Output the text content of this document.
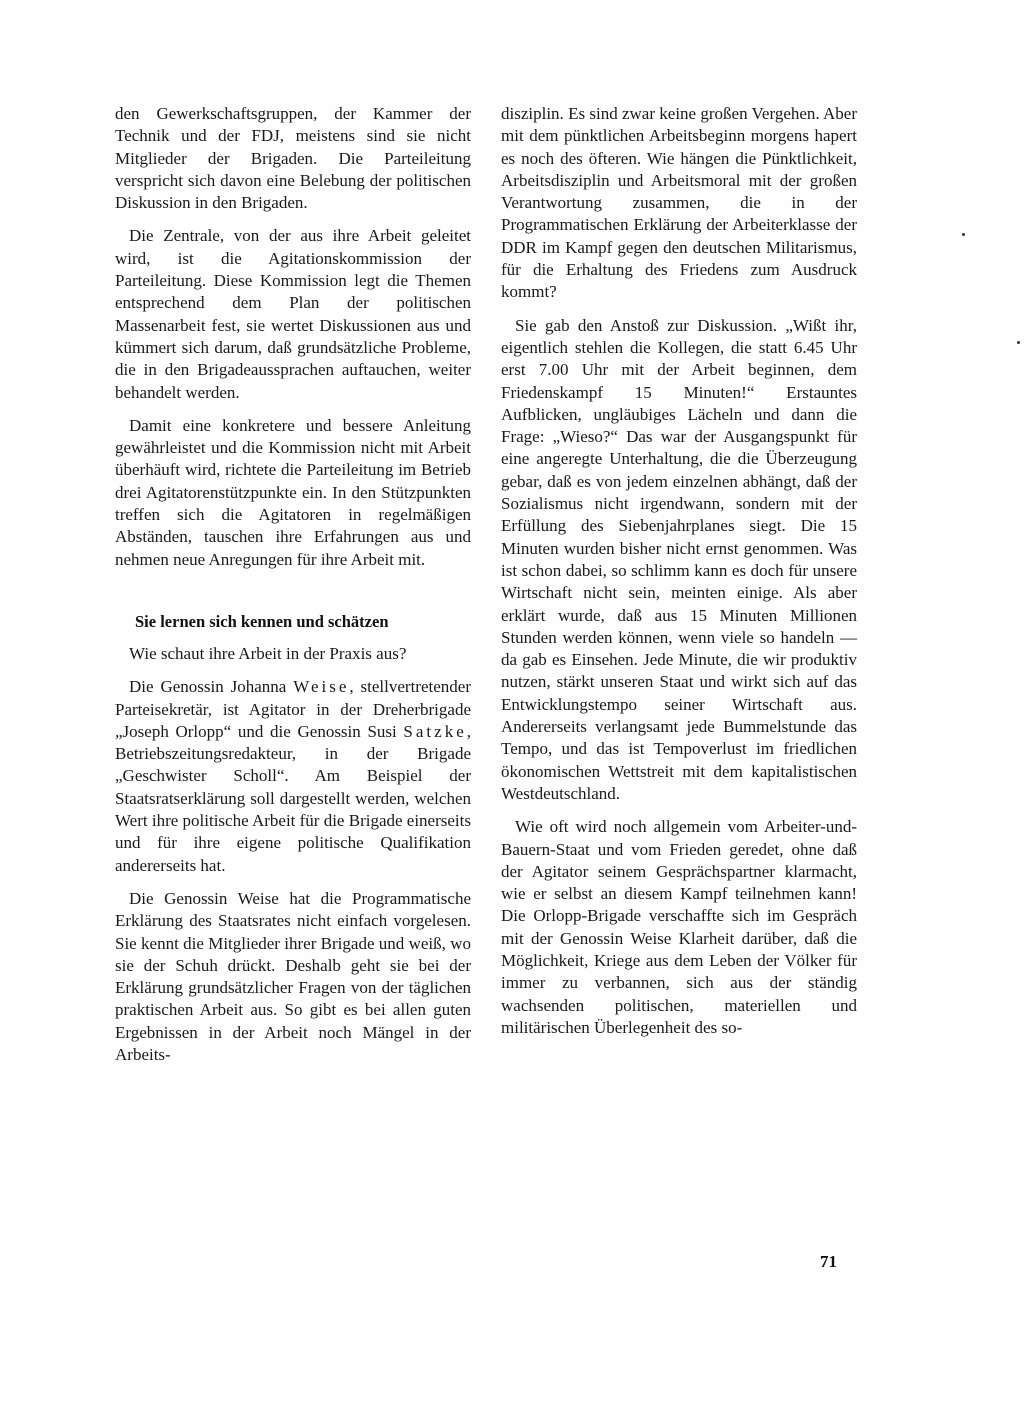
den Gewerkschaftsgruppen, der Kammer der Technik und der FDJ, meistens sind sie nicht Mitglieder der Brigaden. Die Parteileitung verspricht sich davon eine Belebung der politischen Diskussion in den Brigaden.

Die Zentrale, von der aus ihre Arbeit geleitet wird, ist die Agitationskommission der Parteileitung. Diese Kommission legt die Themen entsprechend dem Plan der politischen Massenarbeit fest, sie wertet Diskussionen aus und kümmert sich darum, daß grundsätzliche Probleme, die in den Brigadeaussprachen auftauchen, weiter behandelt werden.

Damit eine konkretere und bessere Anleitung gewährleistet und die Kommission nicht mit Arbeit überhäuft wird, richtete die Parteileitung im Betrieb drei Agitatorenstützpunkte ein. In den Stützpunkten treffen sich die Agitatoren in regelmäßigen Abständen, tauschen ihre Erfahrungen aus und nehmen neue Anregungen für ihre Arbeit mit.

Sie lernen sich kennen und schätzen

Wie schaut ihre Arbeit in der Praxis aus?

Die Genossin Johanna Weise, stellvertretender Parteisekretär, ist Agitator in der Dreherbrigade „Joseph Orlopp“ und die Genossin Susi Satzke, Betriebszeitungsredakteur, in der Brigade „Geschwister Scholl“. Am Beispiel der Staatsratserklärung soll dargestellt werden, welchen Wert ihre politische Arbeit für die Brigade einerseits und für ihre eigene politische Qualifikation andererseits hat.

Die Genossin Weise hat die Programmatische Erklärung des Staatsrates nicht einfach vorgelesen. Sie kennt die Mitglieder ihrer Brigade und weiß, wo sie der Schuh drückt. Deshalb geht sie bei der Erklärung grundsätzlicher Fragen von der täglichen praktischen Arbeit aus. So gibt es bei allen guten Ergebnissen in der Arbeit noch Mängel in der Arbeits-

disziplin. Es sind zwar keine großen Vergehen. Aber mit dem pünktlichen Arbeitsbeginn morgens hapert es noch des öfteren. Wie hängen die Pünktlichkeit, Arbeitsdisziplin und Arbeitsmoral mit der großen Verantwortung zusammen, die in der Programmatischen Erklärung der Arbeiterklasse der DDR im Kampf gegen den deutschen Militarismus, für die Erhaltung des Friedens zum Ausdruck kommt?

Sie gab den Anstoß zur Diskussion. „Wißt ihr, eigentlich stehlen die Kollegen, die statt 6.45 Uhr erst 7.00 Uhr mit der Arbeit beginnen, dem Friedenskampf 15 Minuten!“ Erstauntes Aufblicken, ungläubiges Lächeln und dann die Frage: „Wieso?“ Das war der Ausgangspunkt für eine angeregte Unterhaltung, die die Überzeugung gebar, daß es von jedem einzelnen abhängt, daß der Sozialismus nicht irgendwann, sondern mit der Erfüllung des Siebenjahrplanes siegt. Die 15 Minuten wurden bisher nicht ernst genommen. Was ist schon dabei, so schlimm kann es doch für unsere Wirtschaft nicht sein, meinten einige. Als aber erklärt wurde, daß aus 15 Minuten Millionen Stunden werden können, wenn viele so handeln — da gab es Einsehen. Jede Minute, die wir produktiv nutzen, stärkt unseren Staat und wirkt sich auf das Entwicklungstempo seiner Wirtschaft aus. Andererseits verlangsamt jede Bummelstunde das Tempo, und das ist Tempoverlust im friedlichen ökonomischen Wettstreit mit dem kapitalistischen Westdeutschland.

Wie oft wird noch allgemein vom Arbeiter-und-Bauern-Staat und vom Frieden geredet, ohne daß der Agitator seinem Gesprächspartner klarmacht, wie er selbst an diesem Kampf teilnehmen kann! Die Orlopp-Brigade verschaffte sich im Gespräch mit der Genossin Weise Klarheit darüber, daß die Möglichkeit, Kriege aus dem Leben der Völker für immer zu verbannen, sich aus der ständig wachsenden politischen, materiellen und militärischen Überlegenheit des so-

71
